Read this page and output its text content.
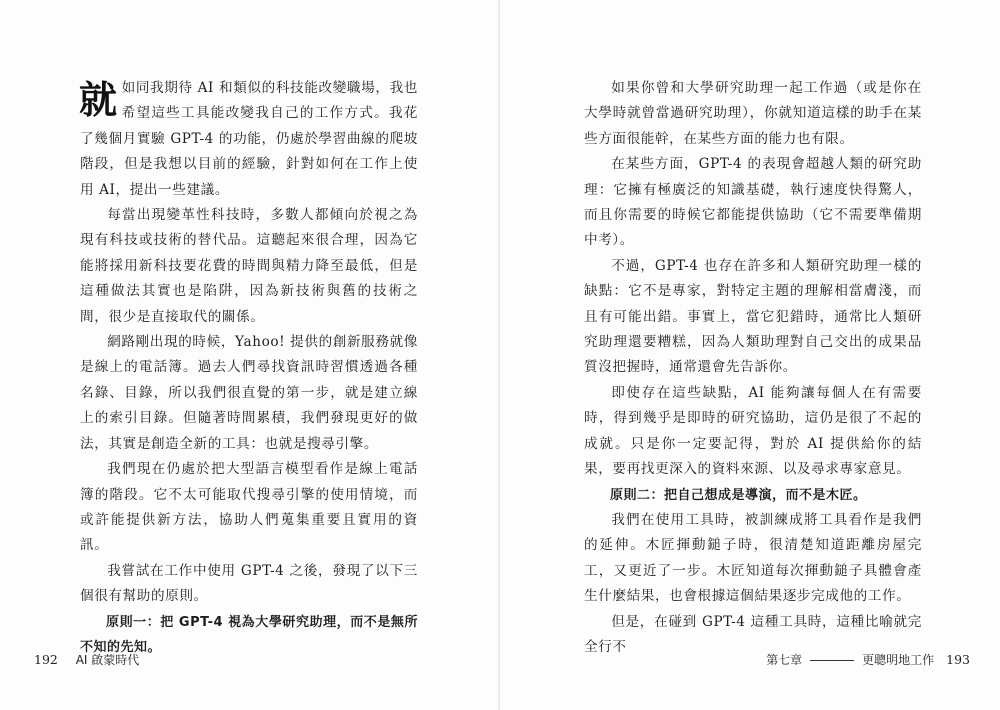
就如同我期待 AI 和類似的科技能改變職場，我也希望這些工具能改變我自己的工作方式。我花了幾個月實驗 GPT-4 的功能，仍處於學習曲線的爬坡階段，但是我想以目前的經驗，針對如何在工作上使用 AI，提出一些建議。

每當出現變革性科技時，多數人都傾向於視之為現有科技或技術的替代品。這聽起來很合理，因為它能將採用新科技要花費的時間與精力降至最低，但是這種做法其實也是陷阱，因為新技術與舊的技術之間，很少是直接取代的關係。

網路剛出現的時候，Yahoo! 提供的創新服務就像是線上的電話簿。過去人們尋找資訊時習慣透過各種名錄、目錄，所以我們很直覺的第一步，就是建立線上的索引目錄。但隨著時間累積，我們發現更好的做法，其實是創造全新的工具：也就是搜尋引擎。

我們現在仍處於把大型語言模型看作是線上電話簿的階段。它不太可能取代搜尋引擎的使用情境，而或許能提供新方法，協助人們蒐集重要且實用的資訊。

我嘗試在工作中使用 GPT-4 之後，發現了以下三個很有幫助的原則。

原則一：把 GPT-4 視為大學研究助理，而不是無所不知的先知。

192 AI 啟蒙時代

如果你曾和大學研究助理一起工作過（或是你在大學時就曾當過研究助理），你就知道這樣的助手在某些方面很能幹，在某些方面的能力也有限。

在某些方面，GPT-4 的表現會超越人類的研究助理：它擁有極廣泛的知識基礎，執行速度快得驚人，而且你需要的時候它都能提供協助（它不需要準備期中考）。

不過，GPT-4 也存在許多和人類研究助理一樣的缺點：它不是專家，對特定主題的理解相當膚淺，而且有可能出錯。事實上，當它犯錯時，通常比人類研究助理還要糟糕，因為人類助理對自己交出的成果品質沒把握時，通常還會先告訴你。

即使存在這些缺點，AI 能夠讓每個人在有需要時，得到幾乎是即時的研究協助，這仍是很了不起的成就。只是你一定要記得，對於 AI 提供給你的結果，要再找更深入的資料來源、以及尋求專家意見。

原則二：把自己想成是導演，而不是木匠。

我們在使用工具時，被訓練成將工具看作是我們的延伸。木匠揮動鎚子時，很清楚知道距離房屋完工，又更近了一步。木匠知道每次揮動鎚子具體會產生什麼結果，也會根據這個結果逐步完成他的工作。

但是，在碰到 GPT-4 這種工具時，這種比喻就完全行不

第七章	更聰明地工作 193
